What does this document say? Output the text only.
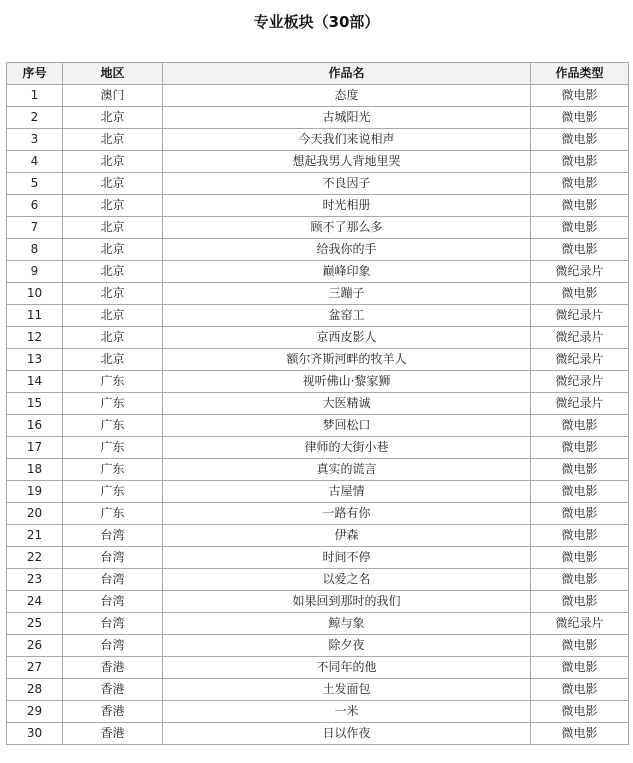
专业板块（30部）
序号	地区	作品名	作品类型
1	澳门	态度	微电影
2	北京	古城阳光	微电影
3	北京	今天我们来说相声	微电影
4	北京	想起我男人背地里哭	微电影
5	北京	不良因子	微电影
6	北京	时光相册	微电影
7	北京	顾不了那么多	微电影
8	北京	给我你的手	微电影
9	北京	巅峰印象	微纪录片
10	北京	三蹦子	微电影
11	北京	盆窑工	微纪录片
12	北京	京西皮影人	微纪录片
13	北京	额尔齐斯河畔的牧羊人	微纪录片
14	广东	视听佛山·黎家狮	微纪录片
15	广东	大医精诚	微纪录片
16	广东	梦回松口	微电影
17	广东	律师的大街小巷	微电影
18	广东	真实的谎言	微电影
19	广东	古屋情	微电影
20	广东	一路有你	微电影
21	台湾	伊森	微电影
22	台湾	时间不停	微电影
23	台湾	以爱之名	微电影
24	台湾	如果回到那时的我们	微电影
25	台湾	鲸与象	微纪录片
26	台湾	除夕夜	微电影
27	香港	不同年的他	微电影
28	香港	土发面包	微电影
29	香港	一米	微电影
30	香港	日以作夜	微电影
